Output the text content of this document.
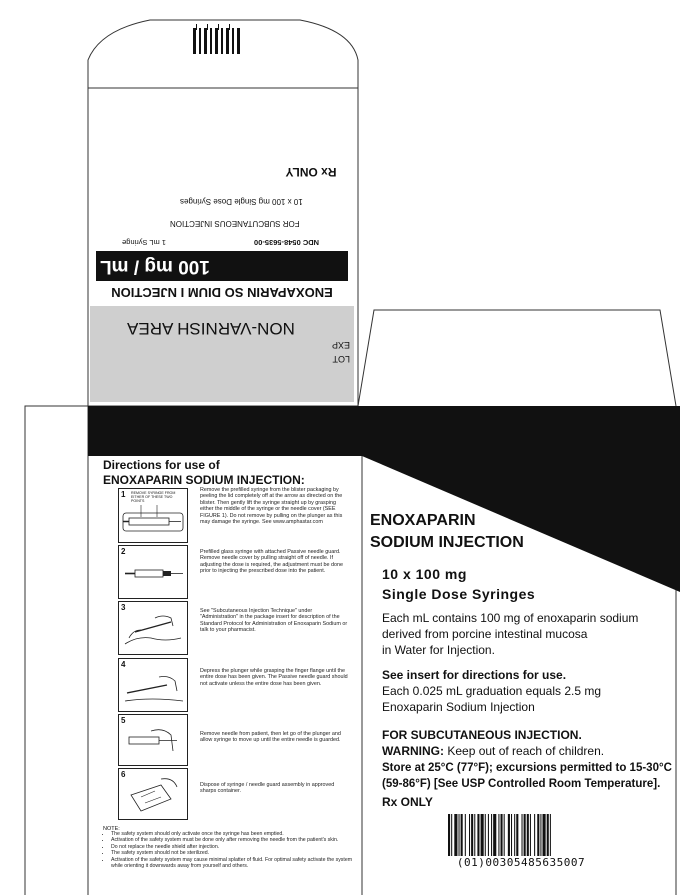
Rx ONLY
10 x 100 mg Single Dose Syringes
FOR SUBCUTANEOUS INJECTION
NDC 0548-5635-00
1 mL Syringe
100 mg / mL
ENOXAPARIN SO DIUM I NJECTION
NON-VARNISH AREA
EXP
LOT
Directions for use of
ENOXAPARIN SODIUM INJECTION:
1 REMOVE SYRINGE FROM EITHER OF THESE TWO POINTS
Remove the prefilled syringe from the blister packaging by peeling the lid completely off at the arrow as directed on the blister. Then gently lift the syringe straight up by grasping either the middle of the syringe or the needle cover (SEE FIGURE 1). Do not remove by pulling on the plunger as this may damage the syringe. See www.amphastar.com
2	Prefilled glass syringe with attached Passive needle guard. Remove needle cover by pulling straight off of needle. If adjusting the dose is required, the adjustment must be done prior to injecting the prescribed dose into the patient.
3	See "Subcutaneous Injection Technique" under "Administration" in the package insert for description of the Standard Protocol for Administration of Enoxaparin Sodium or talk to your pharmacist.
4
Depress the plunger while grasping the finger flange until the entire dose has been given. The Passive needle guard should not activate unless the entire dose has been given.
5
Remove needle from patient, then let go of the plunger and allow syringe to move up until the entire needle is guarded.
6
Dispose of syringe / needle guard assembly in approved sharps container.
NOTE:
• The safety system should only activate once the syringe has been emptied.
• Activation of the safety system must be done only after removing the needle from the patient's skin.
• Do not replace the needle shield after injection.
• The safety system should not be sterilized.
• Activation of the safety system may cause minimal splatter of fluid. For optimal safety activate the system while orienting it downwards away from yourself and others.
ENOXAPARIN
SODIUM INJECTION
10 x 100 mg
Single Dose Syringes
Each mL contains 100 mg of enoxaparin sodium
derived from porcine intestinal mucosa
in Water for Injection.
See insert for directions for use.
Each 0.025 mL graduation equals 2.5 mg
Enoxaparin Sodium Injection
FOR SUBCUTANEOUS INJECTION.
WARNING: Keep out of reach of children.
Store at 25°C (77°F); excursions permitted to 15-30°C
(59-86°F) [See USP Controlled Room Temperature].
Rx ONLY
(01)00305485635007
